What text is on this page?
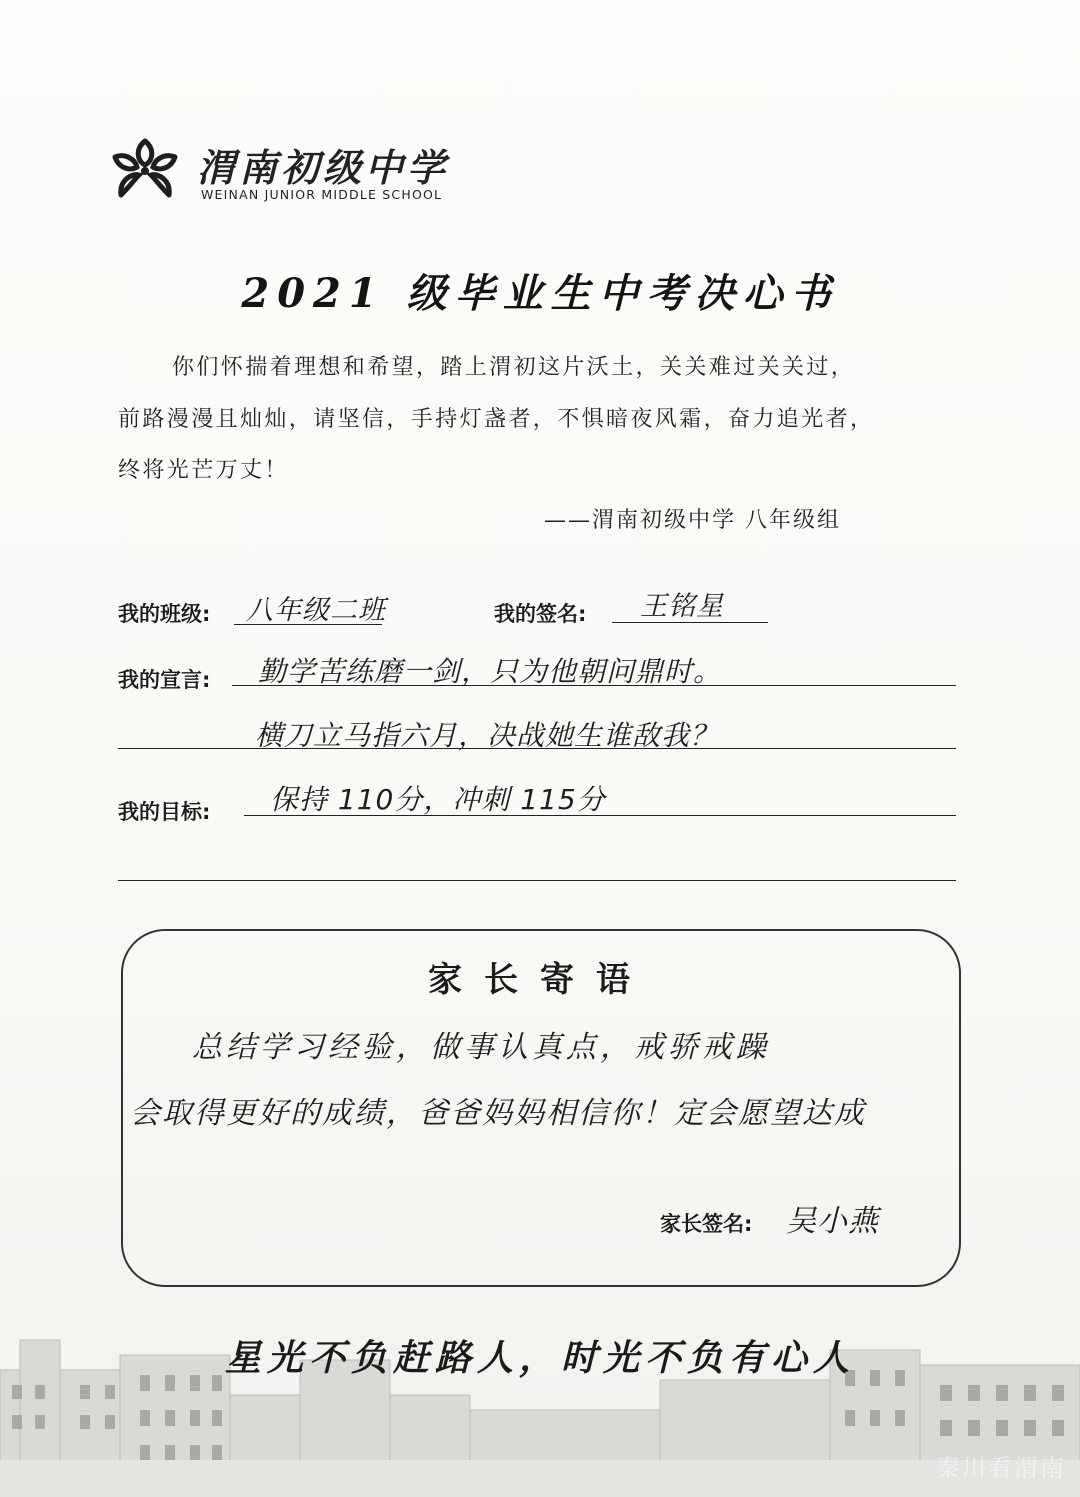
渭南初级中学
WEINAN JUNIOR MIDDLE SCHOOL
2021 级毕业生中考决心书
你们怀揣着理想和希望，踏上渭初这片沃土，关关难过关关过，
前路漫漫且灿灿，请坚信，手持灯盏者，不惧暗夜风霜，奋力追光者，
终将光芒万丈！
——渭南初级中学 八年级组
我的班级: 八年级二班	我的签名: 王铭星
我的宣言: 勤学苦练磨一剑，只为他朝问鼎时。
横刀立马指六月，决战她生谁敌我？
我的目标: 保持 110分，冲刺 115分
家长寄语
总结学习经验，做事认真点，戒骄戒躁
会取得更好的成绩，爸爸妈妈相信你！定会愿望达成
家长签名: 吴小燕
星光不负赶路人，时光不负有心人
秦川看渭南
